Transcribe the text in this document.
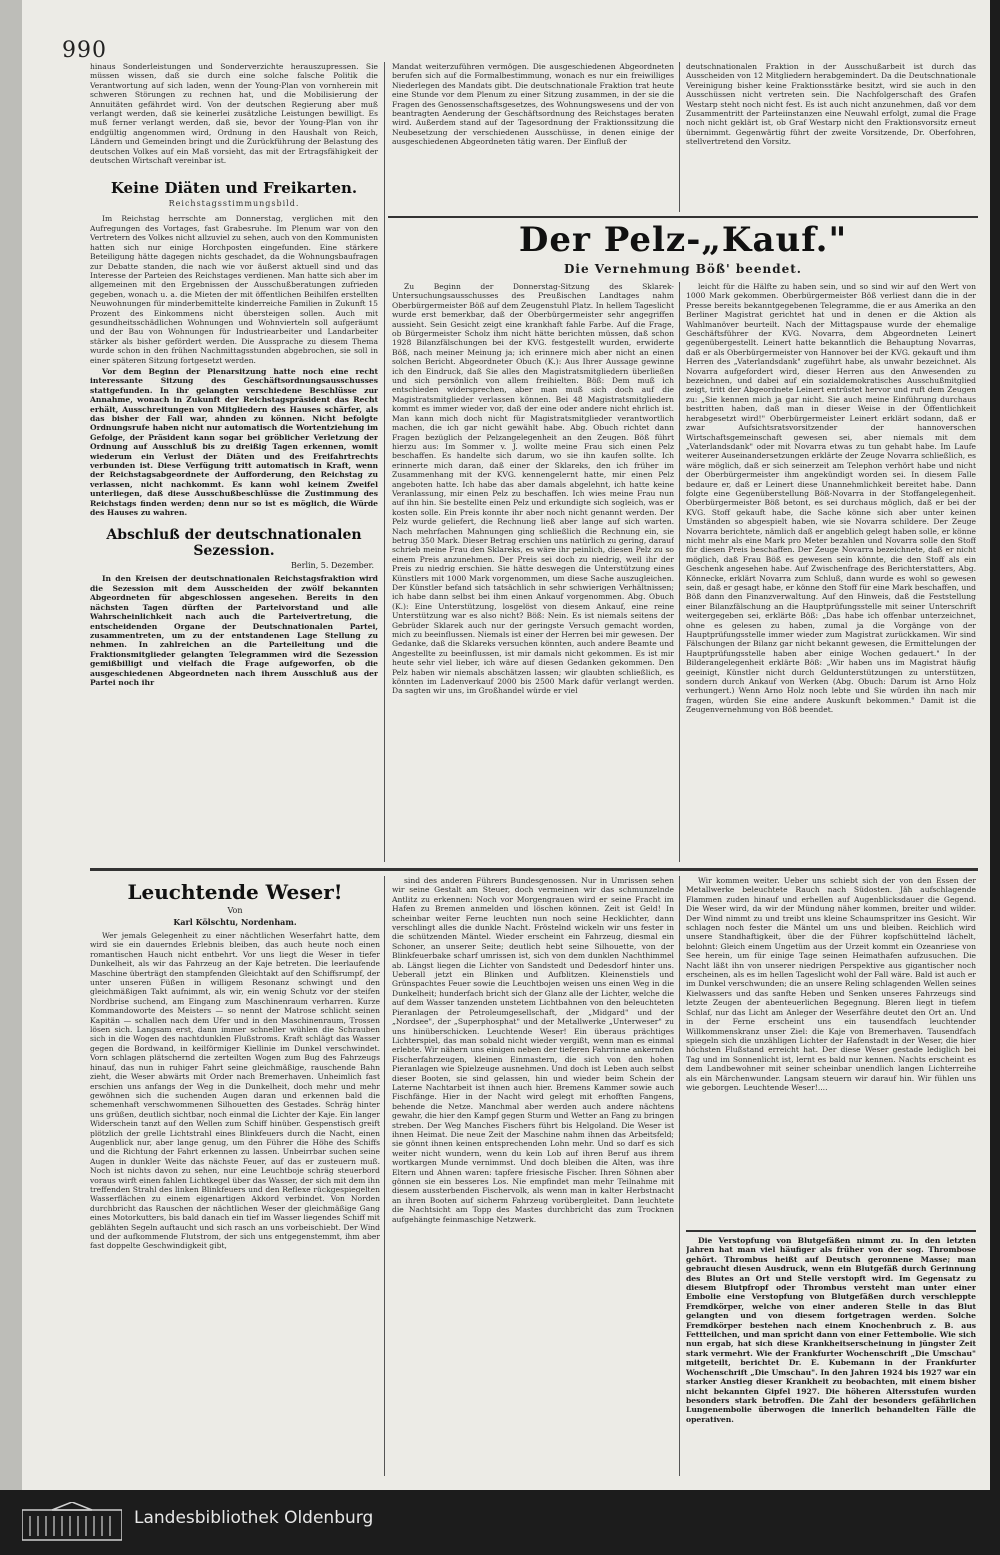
990

hinaus Sonderleistungen und Sonderverzichte herauszupressen. Sie müssen wissen, daß sie durch eine solche falsche Politik die Verantwortung auf sich laden, wenn der Young-Plan von vornherein mit schweren Störungen zu rechnen hat, und die Mobilisierung der Annuitäten gefährdet wird. Von der deutschen Regierung aber muß verlangt werden, daß sie keinerlei zusätzliche Leistungen bewilligt. Es muß ferner verlangt werden, daß sie, bevor der Young-Plan von ihr endgültig angenommen wird, Ordnung in den Haushalt von Reich, Ländern und Gemeinden bringt und die Zurückführung der Belastung des deutschen Volkes auf ein Maß vorsieht, das mit der Ertragsfähigkeit der deutschen Wirtschaft vereinbar ist.

Keine Diäten und Freikarten.
Reichstagsstimmungsbild.

Im Reichstag herrschte am Donnerstag, verglichen mit den Aufregungen des Vortages, fast Grabesruhe. Im Plenum war von den Vertretern des Volkes nicht allzuviel zu sehen, auch von den Kommunisten hatten sich nur einige Horchposten eingefunden. Eine stärkere Beteiligung hätte dagegen nichts geschadet, da die Wohnungsbaufragen zur Debatte standen, die nach wie vor äußerst aktuell sind und das Interesse der Parteien des Reichstages verdienen. Man hatte sich aber im allgemeinen mit den Ergebnissen der Ausschußberatungen zufrieden gegeben, wonach u. a. die Mieten der mit öffentlichen Beihilfen erstellten Neuwohnungen für minderbemittelte kinderreiche Familien in Zukunft 15 Prozent des Einkommens nicht übersteigen sollen. Auch mit gesundheitsschädlichen Wohnungen und Wohnvierteln soll aufgeräumt und der Bau von Wohnungen für Industriearbeiter und Landarbeiter stärker als bisher gefördert werden. Die Aussprache zu diesem Thema wurde schon in den frühen Nachmittagsstunden abgebrochen, sie soll in einer späteren Sitzung fortgesetzt werden.

Vor dem Beginn der Plenarsitzung hatte noch eine recht interessante Sitzung des Geschäftsordnungsausschusses stattgefunden. In ihr gelangten verschiedene Beschlüsse zur Annahme, wonach in Zukunft der Reichstagspräsident das Recht erhält, Ausschreitungen von Mitgliedern des Hauses schärfer, als das bisher der Fall war, ahnden zu können. Nicht befolgte Ordnungsrufe haben nicht nur automatisch die Wortentziehung im Gefolge, der Präsident kann sogar bei gröblicher Verletzung der Ordnung auf Ausschluß bis zu dreißig Tagen erkennen, womit wiederum ein Verlust der Diäten und des Freifahrtrechts verbunden ist. Diese Verfügung tritt automatisch in Kraft, wenn der Reichstagsabgeordnete der Aufforderung, den Reichstag zu verlassen, nicht nachkommt. Es kann wohl keinem Zweifel unterliegen, daß diese Ausschußbeschlüsse die Zustimmung des Reichstags finden werden; denn nur so ist es möglich, die Würde des Hauses zu wahren.

Abschluß der deutschnationalen Sezession.
Berlin, 5. Dezember.

In den Kreisen der deutschnationalen Reichstagsfraktion wird die Sezession mit dem Ausscheiden der zwölf bekannten Abgeordneten für abgeschlossen angesehen. Bereits in den nächsten Tagen dürften der Parteivorstand und alle Wahrscheinlichkeit nach auch die Parteivertretung, die entscheidenden Organe der Deutschnationalen Partei, zusammentreten, um zu der entstandenen Lage Stellung zu nehmen. In zahlreichen an die Parteileitung und die Fraktionsmitglieder gelangten Telegrammen wird die Sezession gemißbilligt und vielfach die Frage aufgeworfen, ob die ausgeschiedenen Abgeordneten nach ihrem Ausschluß aus der Partei noch ihr

Mandat weiterzuführen vermögen. Die ausgeschiedenen Abgeordneten berufen sich auf die Formalbestimmung, wonach es nur ein freiwilliges Niederlegen des Mandats gibt. Die deutschnationale Fraktion trat heute eine Stunde vor dem Plenum zu einer Sitzung zusammen, in der sie die Fragen des Genossenschaftsgesetzes, des Wohnungswesens und der von beantragten Aenderung der Geschäftsordnung des Reichstages beraten wird. Außerdem stand auf der Tagesordnung der Fraktionssitzung die Neubesetzung der verschiedenen Ausschüsse, in denen einige der ausgeschiedenen Abgeordneten tätig waren. Der Einfluß der

deutschnationalen Fraktion in der Ausschußarbeit ist durch das Ausscheiden von 12 Mitgliedern herabgemindert. Da die Deutschnationale Vereinigung bisher keine Fraktionsstärke besitzt, wird sie auch in den Ausschüssen nicht vertreten sein. Die Nachfolgerschaft des Grafen Westarp steht noch nicht fest. Es ist auch nicht anzunehmen, daß vor dem Zusammentritt der Parteiinstanzen eine Neuwahl erfolgt, zumal die Frage noch nicht geklärt ist, ob Graf Westarp nicht den Fraktionsvorsitz erneut übernimmt. Gegenwärtig führt der zweite Vorsitzende, Dr. Oberfohren, stellvertretend den Vorsitz.

Der Pelz-„Kauf."
Die Vernehmung Böß' beendet.

Zu Beginn der Donnerstag-Sitzung des Sklarek-Untersuchungsausschusses des Preußischen Landtages nahm Oberbürgermeister Böß auf dem Zeugenstuhl Platz. In hellem Tageslicht wurde erst bemerkbar, daß der Oberbürgermeister sehr angegriffen aussieht. Sein Gesicht zeigt eine krankhaft fahle Farbe. Auf die Frage, ob Bürgermeister Scholz ihm nicht hätte berichten müssen, daß schon 1928 Bilanzfälschungen bei der KVG. festgestellt wurden, erwiderte Böß, nach meiner Meinung ja; ich erinnere mich aber nicht an einen solchen Bericht. Abgeordneter Obuch (K.): Aus Ihrer Aussage gewinne ich den Eindruck, daß Sie alles den Magistratsmitgliedern überließen und sich persönlich von allem freihielten. Böß: Dem muß ich entschieden widersprechen, aber man muß sich doch auf die Magistratsmitglieder verlassen können. Bei 48 Magistratsmitgliedern kommt es immer wieder vor, daß der eine oder andere nicht ehrlich ist. Man kann mich doch nicht für Magistratsmitglieder verantwortlich machen, die ich gar nicht gewählt habe. Abg. Obuch richtet dann Fragen bezüglich der Pelzangelegenheit an den Zeugen. Böß führt hierzu aus: Im Sommer v. J. wollte meine Frau sich einen Pelz beschaffen. Es handelte sich darum, wo sie ihn kaufen sollte. Ich erinnerte mich daran, daß einer der Sklareks, den ich früher im Zusammenhang mit der KVG. kennengelernt hatte, mir einen Pelz angeboten hatte. Ich habe das aber damals abgelehnt, ich hatte keine Veranlassung, mir einen Pelz zu beschaffen. Ich wies meine Frau nun auf ihn hin. Sie bestellte einen Pelz und erkundigte sich sogleich, was er kosten solle. Ein Preis konnte ihr aber noch nicht genannt werden. Der Pelz wurde geliefert, die Rechnung ließ aber lange auf sich warten. Nach mehrfachen Mahnungen ging schließlich die Rechnung ein, sie betrug 350 Mark. Dieser Betrag erschien uns natürlich zu gering, darauf schrieb meine Frau den Sklareks, es wäre ihr peinlich, diesen Pelz zu so einem Preis anzunehmen. Der Preis sei doch zu niedrig, weil ihr der Preis zu niedrig erschien. Sie hätte deswegen die Unterstützung eines Künstlers mit 1000 Mark vorgenommen, um diese Sache auszugleichen. Der Künstler befand sich tatsächlich in sehr schwierigen Verhältnissen; ich habe dann selbst bei ihm einen Ankauf vorgenommen. Abg. Obuch (K.): Eine Unterstützung, losgelöst von diesem Ankauf, eine reine Unterstützung war es also nicht? Böß: Nein. Es ist niemals seitens der Gebrüder Sklarek auch nur der geringste Versuch gemacht worden, mich zu beeinflussen. Niemals ist einer der Herren bei mir gewesen. Der Gedanke, daß die Sklareks versuchen könnten, auch andere Beamte und Angestellte zu beeinflussen, ist mir damals nicht gekommen. Es ist mir heute sehr viel lieber, ich wäre auf diesen Gedanken gekommen. Den Pelz haben wir niemals abschätzen lassen; wir glaubten schließlich, es könnten im Ladenverkauf 2000 bis 2500 Mark dafür verlangt werden. Da sagten wir uns, im Großhandel würde er viel

leicht für die Hälfte zu haben sein, und so sind wir auf den Wert von 1000 Mark gekommen. Oberbürgermeister Böß verliest dann die in der Presse bereits bekanntgegebenen Telegramme, die er aus Amerika an den Berliner Magistrat gerichtet hat und in denen er die Aktion als Wahlmanöver beurteilt. Nach der Mittagspause wurde der ehemalige Geschäftsführer der KVG. Novarra, dem Abgeordneten Leinert gegenübergestellt. Leinert hatte bekanntlich die Behauptung Novarras, daß er als Oberbürgermeister von Hannover bei der KVG. gekauft und ihm Herren des „Vaterlandsdank" zugeführt habe, als unwahr bezeichnet. Als Novarra aufgefordert wird, dieser Herren aus den Anwesenden zu bezeichnen, und dabei auf ein sozialdemokratisches Ausschußmitglied zeigt, tritt der Abgeordnete Leinert entrüstet hervor und ruft dem Zeugen zu: „Sie kennen mich ja gar nicht. Sie auch meine Einführung durchaus bestritten haben, daß man in dieser Weise in der Öffentlichkeit herabgesetzt wird!" Oberbürgermeister Leinert erklärt sodann, daß er zwar Aufsichtsratsvorsitzender der hannoverschen Wirtschaftsgemeinschaft gewesen sei, aber niemals mit dem „Vaterlandsdank" oder mit Novarra etwas zu tun gehabt habe. Im Laufe weiterer Auseinandersetzungen erklärte der Zeuge Novarra schließlich, es wäre möglich, daß er sich seinerzeit am Telephon verhört habe und nicht der Oberbürgermeister ihm angekündigt worden sei. In diesem Falle bedaure er, daß er Leinert diese Unannehmlichkeit bereitet habe. Dann folgte eine Gegenüberstellung Böß-Novarra in der Stoffangelegenheit. Oberbürgermeister Böß betont, es sei durchaus möglich, daß er bei der KVG. Stoff gekauft habe, die Sache könne sich aber unter keinen Umständen so abgespielt haben, wie sie Novarra schildere. Der Zeuge Novarra berichtete, nämlich daß er angeblich gelegt haben solle, er könne nicht mehr als eine Mark pro Meter bezahlen und Novarra solle den Stoff für diesen Preis beschaffen. Der Zeuge Novarra bezeichnete, daß er nicht möglich, daß Frau Böß es gewesen sein könnte, die den Stoff als ein Geschenk angesehen habe. Auf Zwischenfrage des Berichterstatters, Abg. Könnecke, erklärt Novarra zum Schluß, dann wurde es wohl so gewesen sein, daß er gesagt habe, er könne den Stoff für eine Mark beschaffen, und Böß dann den Finanzverwaltung. Auf den Hinweis, daß die Feststellung einer Bilanzfälschung an die Hauptprüfungsstelle mit seiner Unterschrift weitergegeben sei, erklärte Böß: „Das habe ich offenbar unterzeichnet, ohne es gelesen zu haben, zumal ja die Vorgänge von der Hauptprüfungsstelle immer wieder zum Magistrat zurückkamen. Wir sind Fälschungen der Bilanz gar nicht bekannt gewesen, die Ermittelungen der Hauptprüfungsstelle haben aber einige Wochen gedauert." In der Bilderangelegenheit erklärte Böß: „Wir haben uns im Magistrat häufig geeinigt, Künstler nicht durch Geldunterstützungen zu unterstützen, sondern durch Ankauf von Werken (Abg. Obuch: Darum ist Arno Holz verhungert.) Wenn Arno Holz noch lebte und Sie würden ihn nach mir fragen, würden Sie eine andere Auskunft bekommen." Damit ist die Zeugenvernehmung von Böß beendet.

Leuchtende Weser!
Von
Karl Kölschtu, Nordenham.

Wer jemals Gelegenheit zu einer nächtlichen Weserfahrt hatte, dem wird sie ein dauerndes Erlebnis bleiben, das auch heute noch einen romantischen Hauch nicht entbehrt. Vor uns liegt die Weser in tiefer Dunkelheit, als wir das Fahrzeug an der Kaje betreten. Die leerlaufende Maschine überträgt den stampfenden Gleichtakt auf den Schiffsrumpf, der unter unseren Füßen in willigem Resonanz schwingt und den gleichmäßigen Takt aufnimmt, als wir, ein wenig Schutz vor der steifen Nordbrise suchend, am Eingang zum Maschinenraum verharren. Kurze Kommandoworte des Meisters — so nennt der Matrose schlicht seinen Kapitän — schallen nach dem Ufer und in den Maschinenraum, Trossen lösen sich. Langsam erst, dann immer schneller wühlen die Schrauben sich in die Wogen des nachtdunklen Flußstroms. Kraft schlägt das Wasser gegen die Bordwand, in keilförmiger Kiellinie im Dunkel verschwindet. Vorn schlagen plätschernd die zerteilten Wogen zum Bug des Fahrzeugs hinauf, das nun in ruhiger Fahrt seine gleichmäßige, rauschende Bahn zieht, die Weser abwärts mit Order nach Bremerhaven. Unheimlich fast erschien uns anfangs der Weg in die Dunkelheit, doch mehr und mehr gewöhnen sich die suchenden Augen daran und erkennen bald die schemenhaft verschwommenen Silhouetten des Gestades. Schräg hinter uns grüßen, deutlich sichtbar, noch einmal die Lichter der Kaje. Ein langer Widerschein tanzt auf den Wellen zum Schiff hinüber. Gespenstisch greift plötzlich der grelle Lichtstrahl eines Blinkfeuers durch die Nacht, einen Augenblick nur, aber lange genug, um den Führer die Höhe des Schiffs und die Richtung der Fahrt erkennen zu lassen. Unbeirrbar suchen seine Augen in dunkler Weite das nächste Feuer, auf das er zusteuern muß. Noch ist nichts davon zu sehen, nur eine Leuchtboje schräg steuerbord voraus wirft einen fahlen Lichtkegel über das Wasser, der sich mit dem ihn treffenden Strahl des linken Blinkfeuers und den Reflexe rückgespiegelten Wasserflächen zu einem eigenartigen Akkord verbindet. Von Norden durchbricht das Rauschen der nächtlichen Weser der gleichmäßige Gang eines Motorkutters, bis bald danach ein tief im Wasser liegendes Schiff mit geblähten Segeln auftaucht und sich rasch an uns vorbeischiebt. Der Wind und der aufkommende Flutstrom, der sich uns entgegenstemmt, ihm aber fast doppelte Geschwindigkeit gibt,

sind des anderen Führers Bundesgenossen. Nur in Umrissen sehen wir seine Gestalt am Steuer, doch vermeinen wir das schmunzelnde Antlitz zu erkennen: Noch vor Morgengrauen wird er seine Fracht im Hafen zu Bremen anmelden und löschen können. Zeit ist Geld! In scheinbar weiter Ferne leuchten nun noch seine Hecklichter, dann verschlingt alles die dunkle Nacht. Fröstelnd wickeln wir uns fester in die schützenden Mäntel. Wieder erscheint ein Fahrzeug, diesmal ein Schoner, an unserer Seite; deutlich hebt seine Silhouette, von der Blinkfeuerbake scharf umrissen ist, sich von dem dunklen Nachthimmel ab. Längst liegen die Lichter von Sandstedt und Dedesdorf hinter uns. Ueberall jetzt ein Blinken und Aufblitzen. Kleinenstiels und Grünspachtes Feuer sowie die Leuchtbojen weisen uns einen Weg in die Dunkelheit; hunderfach bricht sich der Glanz alle der Lichter, welche die auf dem Wasser tanzenden unstetem Lichtbahnen von den beleuchteten Pieranlagen der Petroleumgesellschaft, der „Midgard" und der „Nordsee", der „Superphosphat" und der Metallwerke „Unterweser" zu uns hinüberschicken. Leuchtende Weser! Ein überaus prächtiges Lichterspiel, das man sobald nicht wieder vergißt, wenn man es einmal erlebte. Wir nähern uns einigen neben der tieferen Fahrrinne ankernden Fischerfahrzeugen, kleinen Einmastern, die sich von den hohen Pieranlagen wie Spielzeuge ausnehmen. Und doch ist Leben auch selbst dieser Booten, sie sind gelassen, hin und wieder beim Schein der Laterne Nachtarbeit ist ihnen auch hier. Bremens Kammer sowie auch Fischfänge. Hier in der Nacht wird gelegt mit erhofften Fangens, behende die Netze. Manchmal aber werden auch andere nächtens gewahr, die hier den Kampf gegen Sturm und Wetter an Fang zu bringen streben. Der Weg Manches Fischers führt bis Helgoland. Die Weser ist ihnen Heimat. Die neue Zeit der Maschine nahm ihnen das Arbeitsfeld; sie gönnt ihnen keinen entsprechenden Lohn mehr. Und so darf es sich weiter nicht wundern, wenn du kein Lob auf ihren Beruf aus ihrem wortkargen Munde vernimmst. Und doch bleiben die Alten, was ihre Eltern und Ahnen waren: tapfere friesische Fischer. Ihren Söhnen aber gönnen sie ein besseres Los. Nie empfindet man mehr Teilnahme mit diesem aussterbenden Fischervolk, als wenn man in kalter Herbstnacht an ihren Booten auf sicherm Fahrzeug vorübergleitet. Dann leuchtete die Nachtsicht am Topp des Mastes durchbricht das zum Trocknen aufgehängte feinmaschige Netzwerk.

Wir kommen weiter. Ueber uns schiebt sich der von den Essen der Metallwerke beleuchtete Rauch nach Südosten. Jäh aufschlagende Flammen zuden hinauf und erhellen auf Augenblicksdauer die Gegend. Die Weser wird, da wir der Mündung näher kommen, breiter und wilder. Der Wind nimmt zu und treibt uns kleine Schaumspritzer ins Gesicht. Wir schlagen noch fester die Mäntel um uns und bleiben. Reichlich wird unsere Standhaftigkeit, über die der Führer kopfschüttelnd lächelt, belohnt: Gleich einem Ungetüm aus der Urzeit kommt ein Ozeanriese von See herein, um für einige Tage seinen Heimathafen aufzusuchen. Die Nacht läßt ihn von unserer niedrigen Perspektive aus gigantischer noch erscheinen, als es im hellen Tageslicht wohl der Fall wäre. Bald ist auch er im Dunkel verschwunden; die an unsere Reling schlagenden Wellen seines Kielwassers und das sanfte Heben und Senken unseres Fahrzeugs sind letzte Zeugen der abenteuerlichen Begegnung. Bleren liegt in tiefem Schlaf, nur das Licht am Anleger der Weserfähre deutet den Ort an. Und in der Ferne erscheint uns ein tausendfach leuchtender Willkommenskranz unser Ziel: die Kaje von Bremerhaven. Tausendfach spiegeln sich die unzähligen Lichter der Hafenstadt in der Weser, die hier höchsten Flußstand erreicht hat. Der diese Weser gestade lediglich bei Tag und im Sonnenlicht ist, lernt es bald nur kennen. Nachts erscheint es dem Landbewohner mit seiner scheinbar unendlich langen Lichterreihe als ein Märchenwunder. Langsam steuern wir darauf hin. Wir fühlen uns wie geborgen. Leuchtende Weser!....

Die Verstopfung von Blutgefäßen nimmt zu. In den letzten Jahren hat man viel häufiger als früher von der sog. Thrombose gehört. Thrombus heißt auf Deutsch geronnene Masse; man gebraucht diesen Ausdruck, wenn ein Blutgefäß durch Gerinnung des Blutes an Ort und Stelle verstopft wird. Im Gegensatz zu diesem Blutpfropf oder Thrombus versteht man unter einer Embolie eine Verstopfung von Blutgefäßen durch verschleppte Fremdkörper, welche von einer anderen Stelle in das Blut gelangten und von diesem fortgetragen werden. Solche Fremdkörper bestehen nach einem Knochenbruch z. B. aus Fettteilchen, und man spricht dann von einer Fettembolie. Wie sich nun ergab, hat sich diese Krankheitserscheinung in jüngster Zeit stark vermehrt. Wie der Frankfurter Wochenschrift „Die Umschau" mitgeteilt, berichtet Dr. E. Kubemann in der Frankfurter Wochenschrift „Die Umschau". In den Jahren 1924 bis 1927 war ein starker Anstieg dieser Krankheit zu beobachten, mit einem bisher nicht bekannten Gipfel 1927. Die höheren Altersstufen wurden besonders stark betroffen. Die Zahl der besonders gefährlichen Lungenembolie überwogen die innerlich behandelten Fälle die operativen.

Landesbibliothek Oldenburg
